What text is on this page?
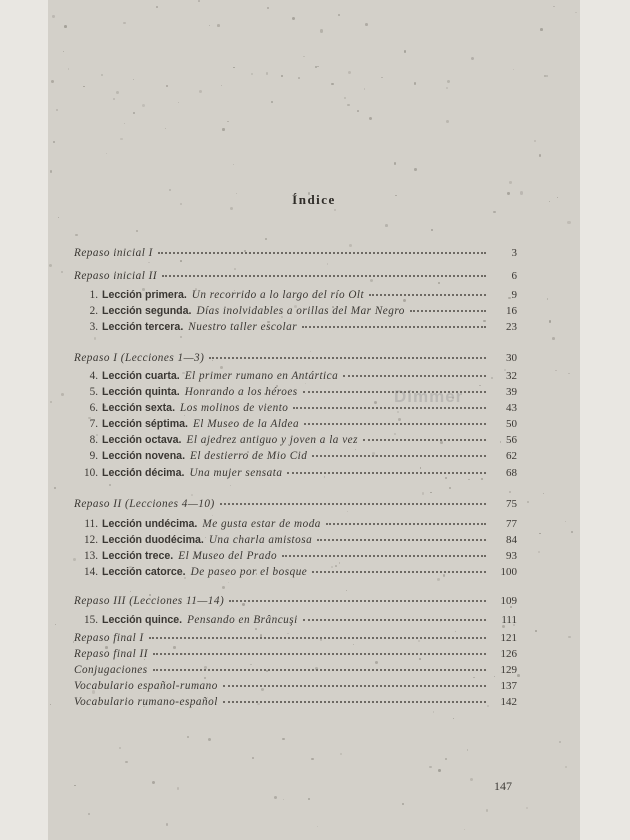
Dimmer
Índice
Repaso inicial I	3
Repaso inicial II	6
1. Lección primera. Un recorrido a lo largo del río Olt	9
2. Lección segunda. Días inolvidables a orillas del Mar Negro	16
3. Lección tercera. Nuestro taller escolar	23
Repaso I (Lecciones 1—3)	30
4. Lección cuarta. El primer rumano en Antártica	32
5. Lección quinta. Honrando a los héroes	39
6. Lección sexta. Los molinos de viento	43
7. Lección séptima. El Museo de la Aldea	50
8. Lección octava. El ajedrez antiguo y joven a la vez	56
9. Lección novena. El destierro de Mio Cid	62
10. Lección décima. Una mujer sensata	68
Repaso II (Lecciones 4—10)	75
11. Lección undécima. Me gusta estar de moda	77
12. Lección duodécima. Una charla amistosa	84
13. Lección trece. El Museo del Prado	93
14. Lección catorce. De paseo por el bosque	100
Repaso III (Lecciones 11—14)	109
15. Lección quince. Pensando en Brâncuşi	111
Repaso final I	121
Repaso final II	126
Conjugaciones	129
Vocabulario español-rumano	137
Vocabulario rumano-español	142
147
